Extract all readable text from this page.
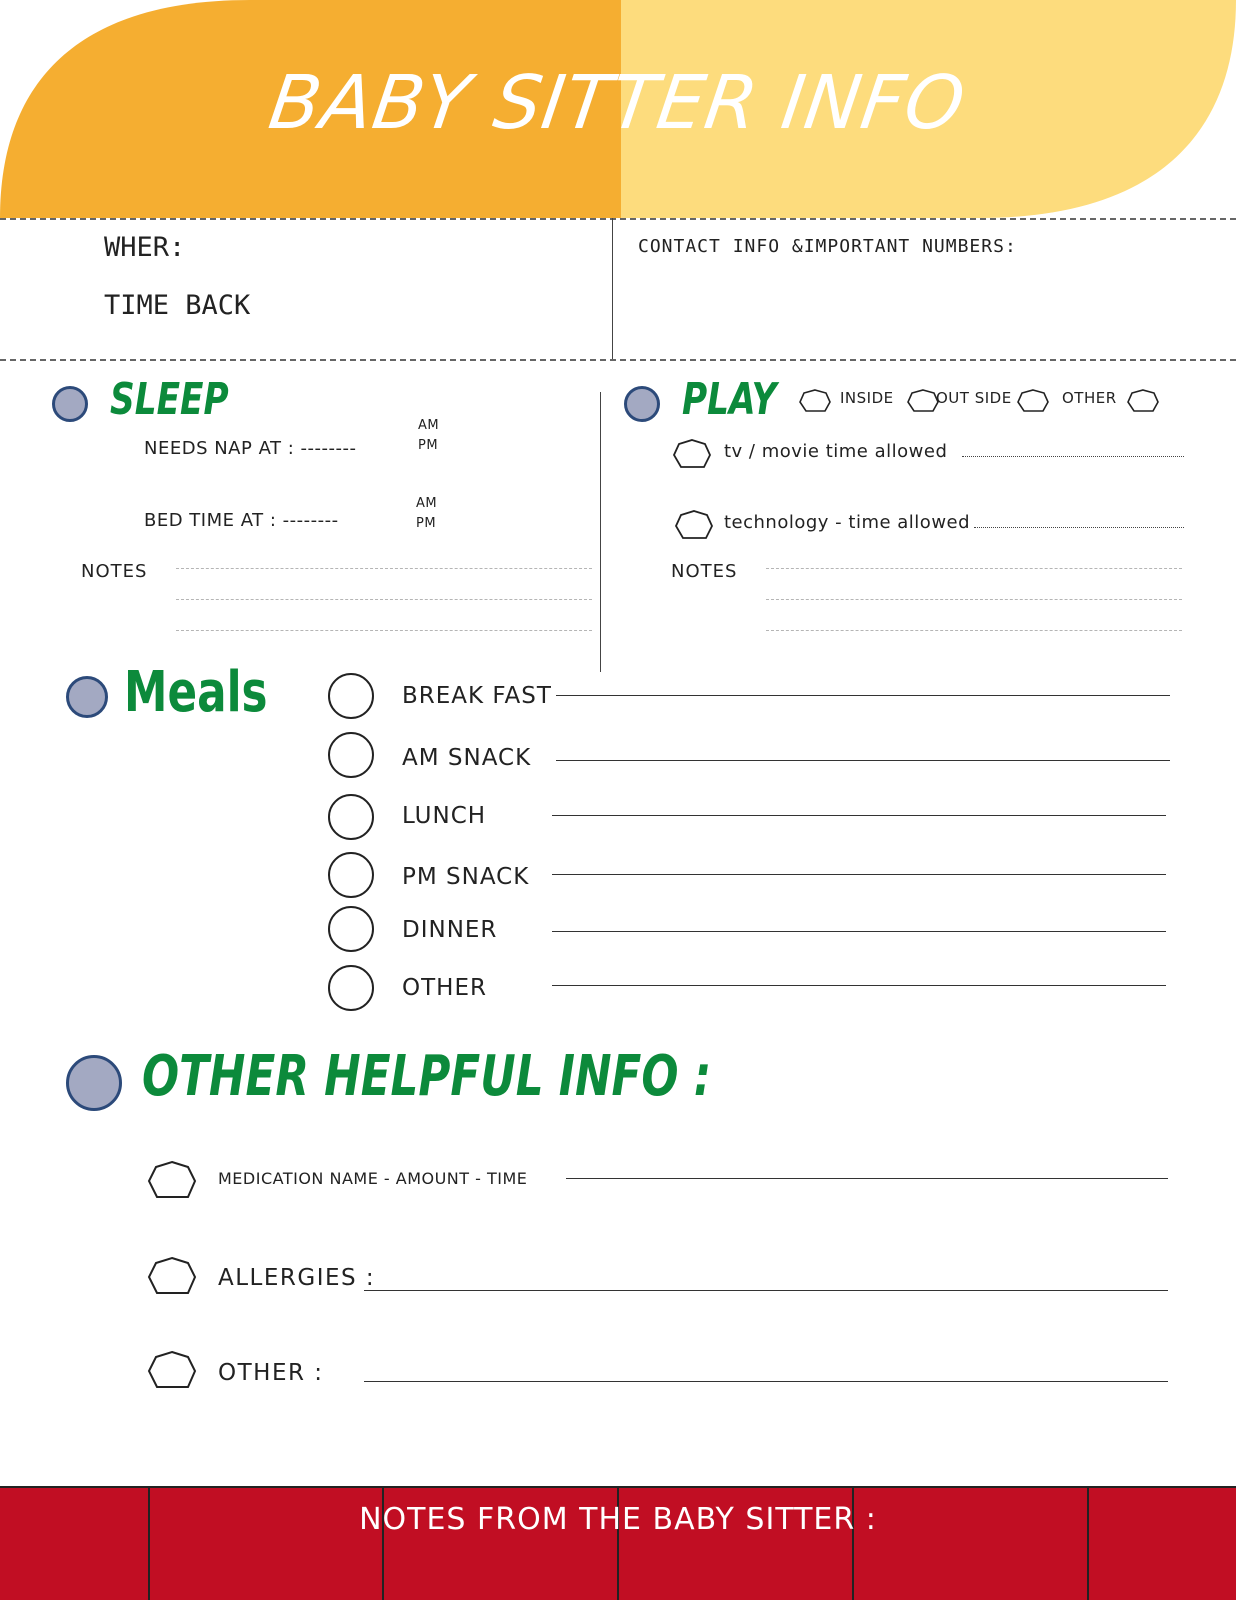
BABY SITTER INFO
WHER:
TIME BACK
CONTACT INFO &IMPORTANT NUMBERS:
SLEEP
AM
PM
NEEDS NAP AT : --------
AM
PM
BED TIME AT : --------
NOTES
PLAY	INSIDE	OUT SIDE	OTHER
tv / movie time allowed
technology - time allowed
NOTES
Meals	BREAK FAST
AM SNACK
LUNCH
PM SNACK
DINNER
OTHER
OTHER HELPFUL INFO :
MEDICATION NAME - AMOUNT - TIME
ALLERGIES :
OTHER :
NOTES FROM THE BABY SITTER :
